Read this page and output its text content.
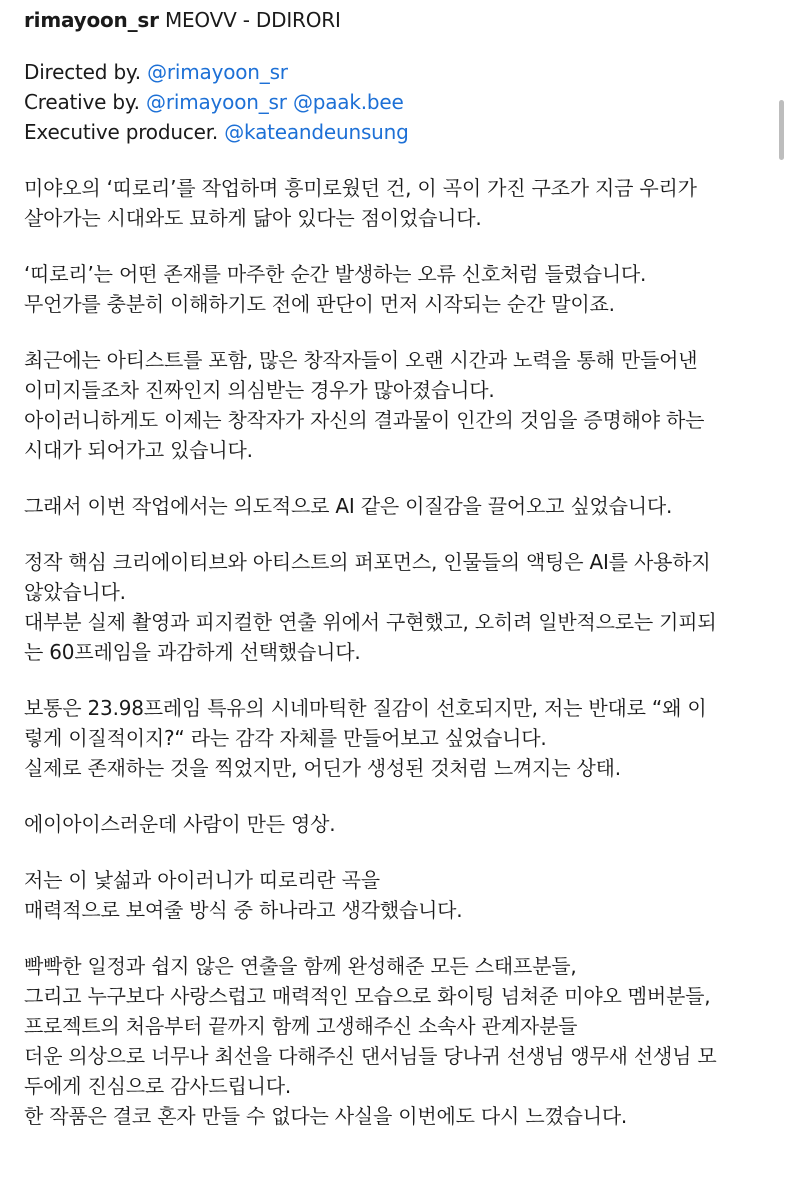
rimayoon_sr MEOVV - DDIRORI
Directed by. @rimayoon_sr
Creative by. @rimayoon_sr @paak.bee
Executive producer. @kateandeunsung
미야오의 ‘띠로리’를 작업하며 흥미로웠던 건, 이 곡이 가진 구조가 지금 우리가
살아가는 시대와도 묘하게 닮아 있다는 점이었습니다.
‘띠로리’는 어떤 존재를 마주한 순간 발생하는 오류 신호처럼 들렸습니다.
무언가를 충분히 이해하기도 전에 판단이 먼저 시작되는 순간 말이죠.
최근에는 아티스트를 포함, 많은 창작자들이 오랜 시간과 노력을 통해 만들어낸
이미지들조차 진짜인지 의심받는 경우가 많아졌습니다.
아이러니하게도 이제는 창작자가 자신의 결과물이 인간의 것임을 증명해야 하는
시대가 되어가고 있습니다.
그래서 이번 작업에서는 의도적으로 AI 같은 이질감을 끌어오고 싶었습니다.
정작 핵심 크리에이티브와 아티스트의 퍼포먼스, 인물들의 액팅은 AI를 사용하지
않았습니다.
대부분 실제 촬영과 피지컬한 연출 위에서 구현했고, 오히려 일반적으로는 기피되
는 60프레임을 과감하게 선택했습니다.
보통은 23.98프레임 특유의 시네마틱한 질감이 선호되지만, 저는 반대로 “왜 이
렇게 이질적이지?“ 라는 감각 자체를 만들어보고 싶었습니다.
실제로 존재하는 것을 찍었지만, 어딘가 생성된 것처럼 느껴지는 상태.
에이아이스러운데 사람이 만든 영상.
저는 이 낯섦과 아이러니가 띠로리란 곡을
매력적으로 보여줄 방식 중 하나라고 생각했습니다.
빡빡한 일정과 쉽지 않은 연출을 함께 완성해준 모든 스태프분들,
그리고 누구보다 사랑스럽고 매력적인 모습으로 화이팅 넘쳐준 미야오 멤버분들,
프로젝트의 처음부터 끝까지 함께 고생해주신 소속사 관계자분들
더운 의상으로 너무나 최선을 다해주신 댄서님들 당나귀 선생님 앵무새 선생님 모
두에게 진심으로 감사드립니다.
한 작품은 결코 혼자 만들 수 없다는 사실을 이번에도 다시 느꼈습니다.
